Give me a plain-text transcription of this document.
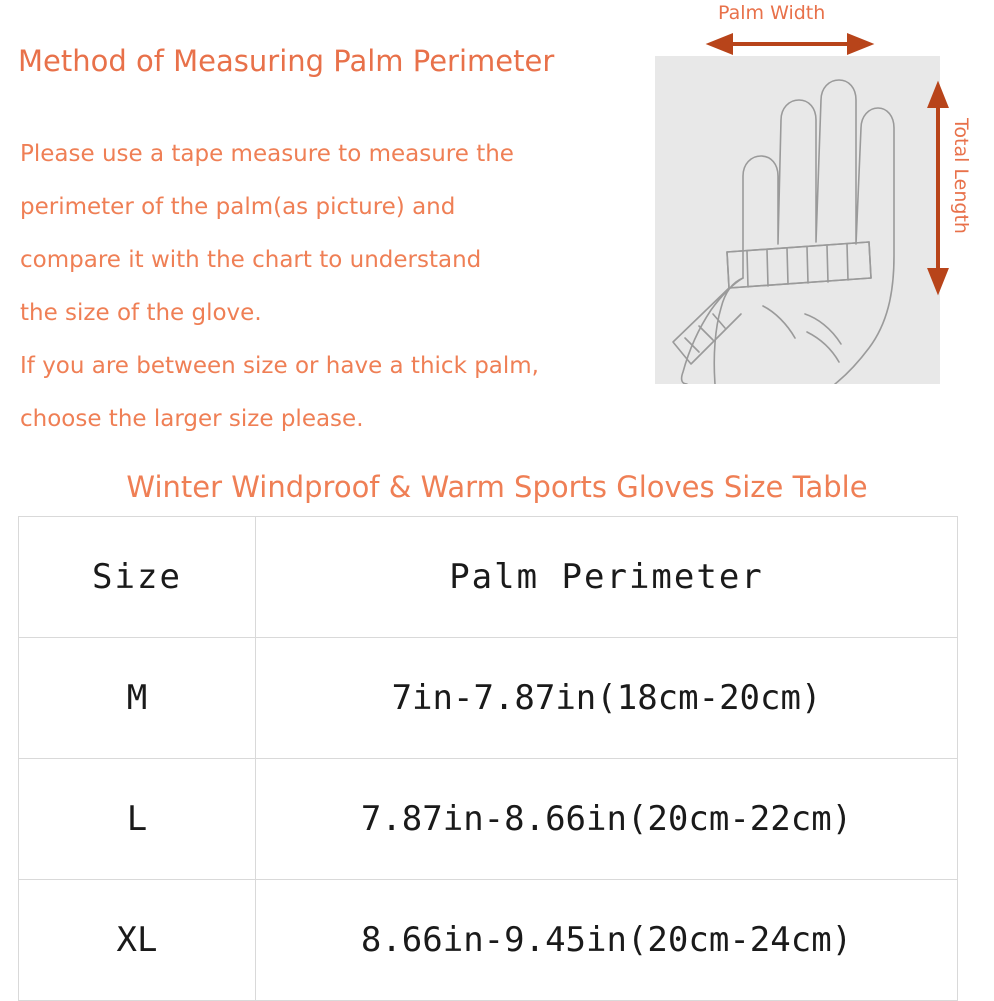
Method of Measuring Palm Perimeter

Please use a tape measure to measure the

perimeter of the palm(as picture) and

compare it with the chart to understand

the size of the glove.

If you are between size or have a thick palm,

choose the larger size please.

Palm Width
Total Length
Winter Windproof & Warm Sports Gloves Size Table
Size	Palm Perimeter
M	7in-7.87in(18cm-20cm)
L	7.87in-8.66in(20cm-22cm)
XL	8.66in-9.45in(20cm-24cm)
